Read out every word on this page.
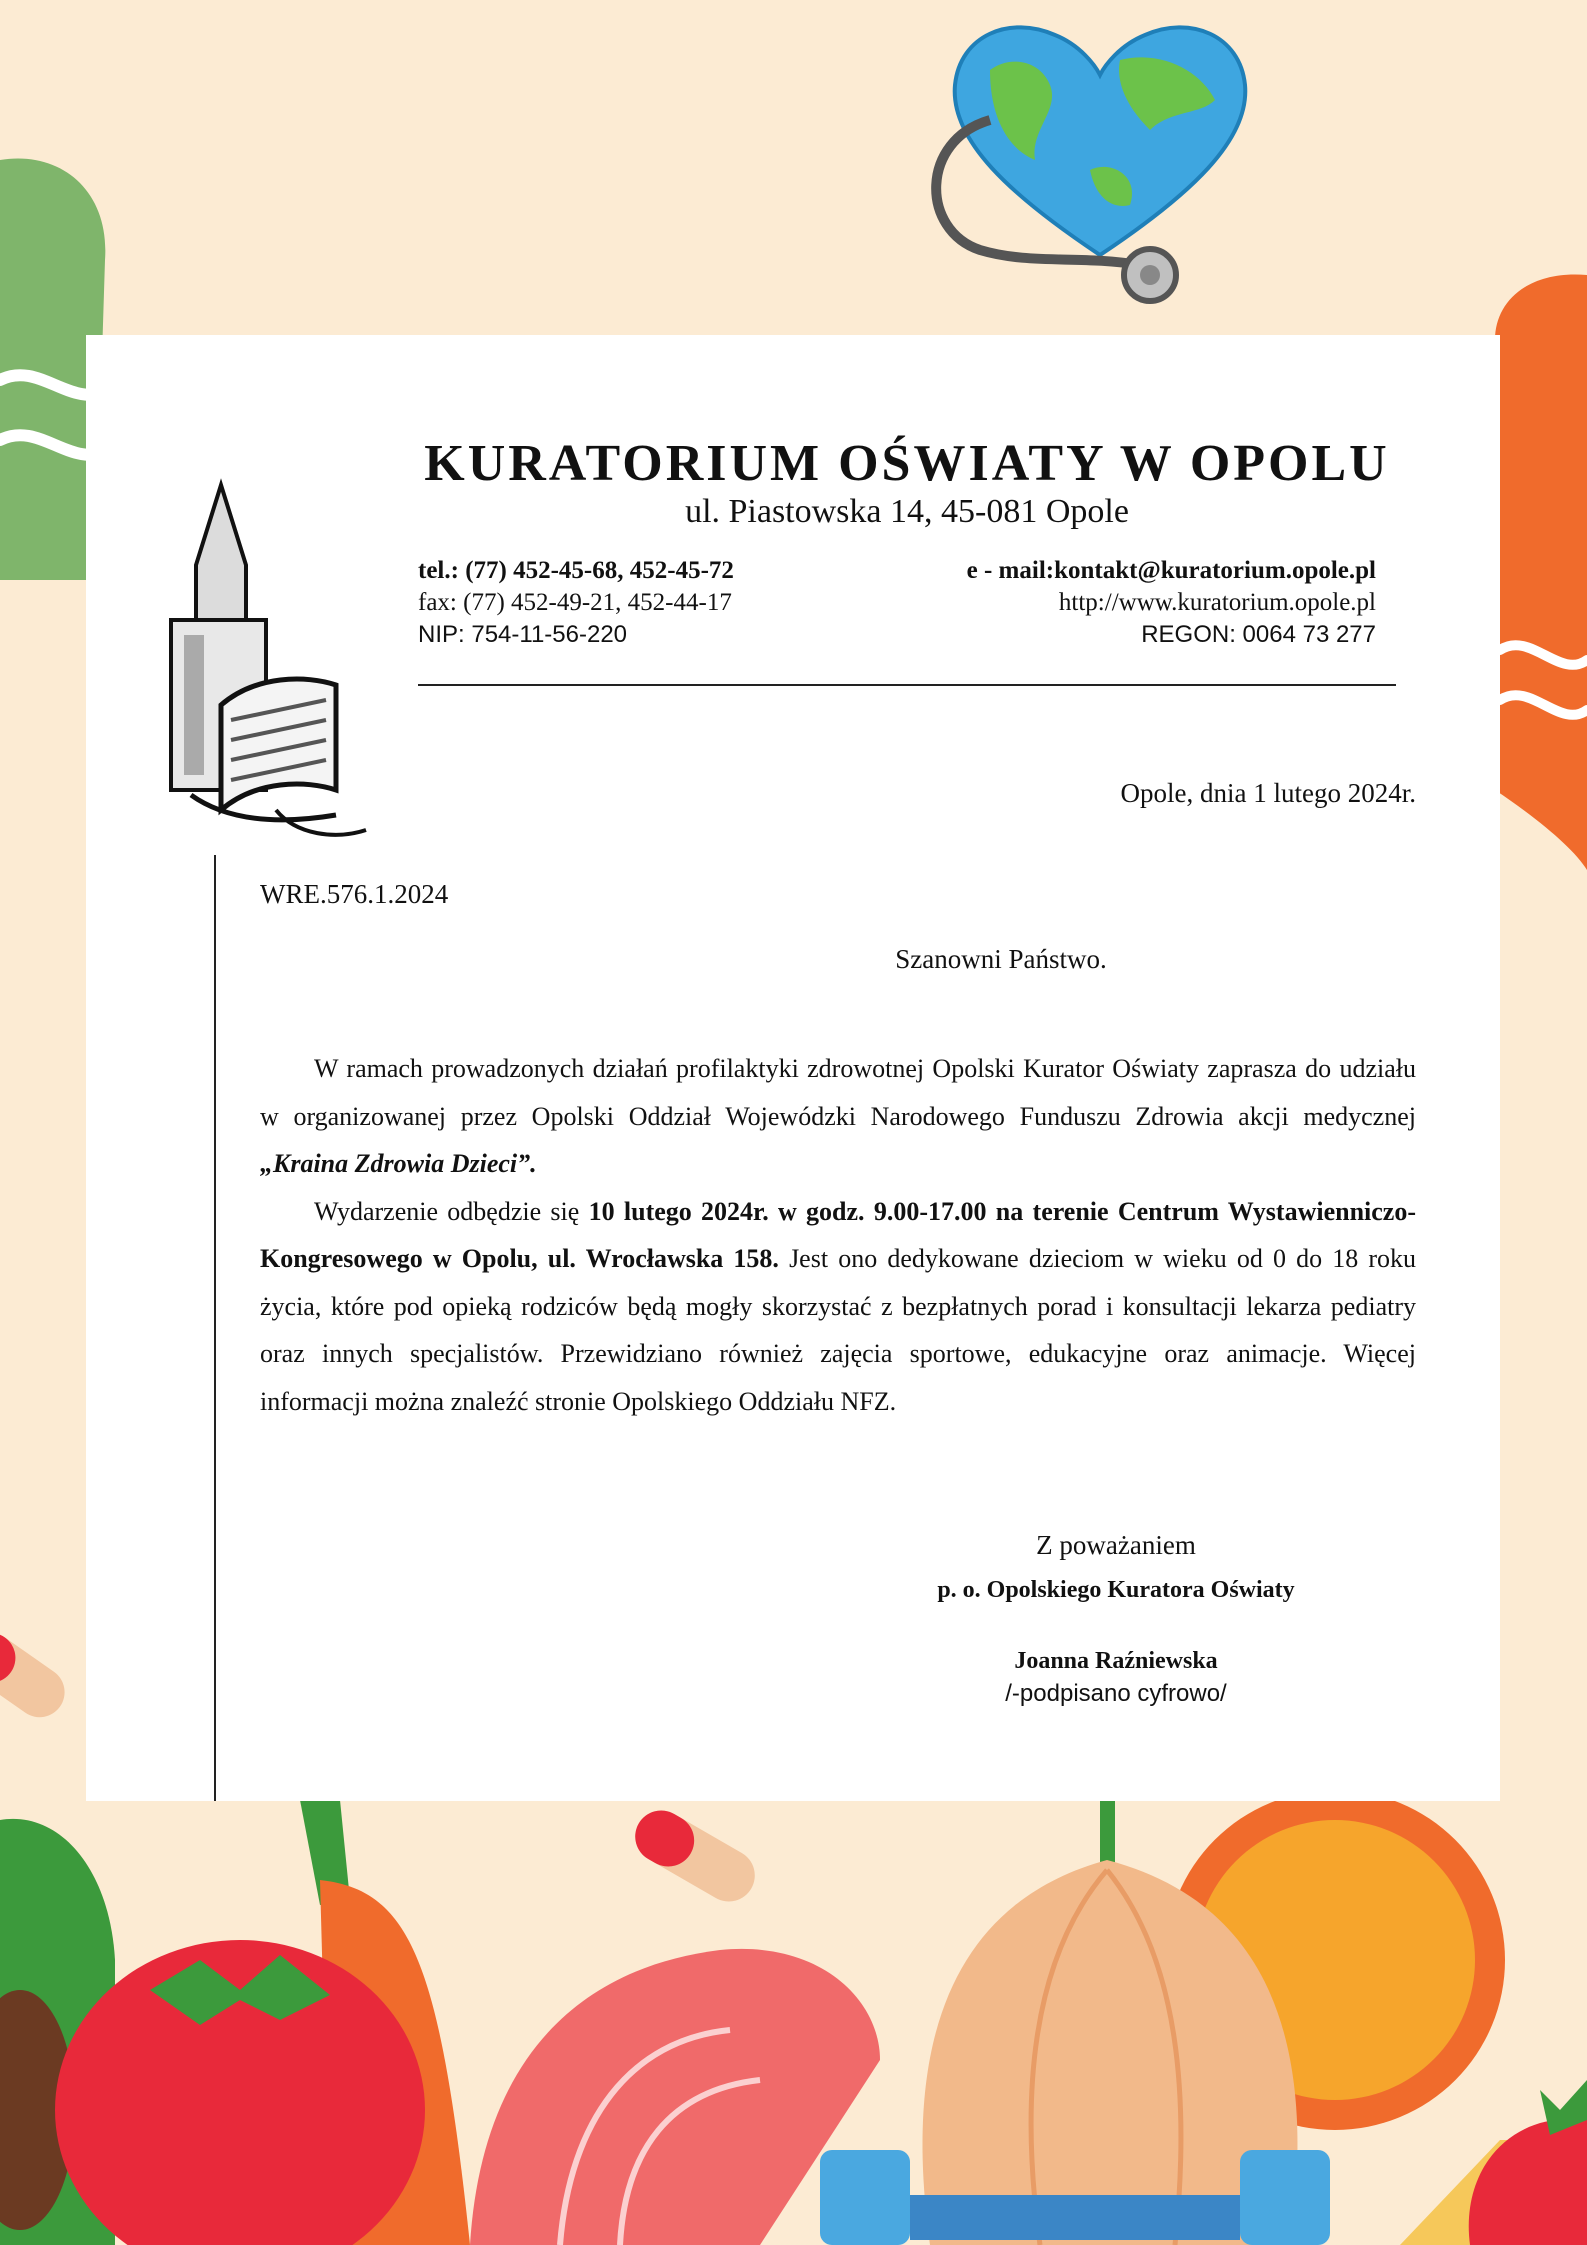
KURATORIUM OŚWIATY W OPOLU
ul. Piastowska 14, 45-081 Opole
tel.: (77) 452-45-68, 452-45-72
fax: (77) 452-49-21, 452-44-17
NIP: 754-11-56-220
e - mail:kontakt@kuratorium.opole.pl
http://www.kuratorium.opole.pl
REGON: 0064 73 277
Opole, dnia 1 lutego 2024r.
WRE.576.1.2024
Szanowni Państwo.

W ramach prowadzonych działań profilaktyki zdrowotnej Opolski Kurator Oświaty zaprasza do udziału w organizowanej przez Opolski Oddział Wojewódzki Narodowego Funduszu Zdrowia akcji medycznej „Kraina Zdrowia Dzieci”.

Wydarzenie odbędzie się 10 lutego 2024r. w godz. 9.00-17.00 na terenie Centrum Wystawienniczo-Kongresowego w Opolu, ul. Wrocławska 158. Jest ono dedykowane dzieciom w wieku od 0 do 18 roku życia, które pod opieką rodziców będą mogły skorzystać z bezpłatnych porad i konsultacji lekarza pediatry oraz innych specjalistów. Przewidziano również zajęcia sportowe, edukacyjne oraz animacje. Więcej informacji można znaleźć stronie Opolskiego Oddziału NFZ.

Z poważaniem
p. o. Opolskiego Kuratora Oświaty
Joanna Raźniewska
/-podpisano cyfrowo/
